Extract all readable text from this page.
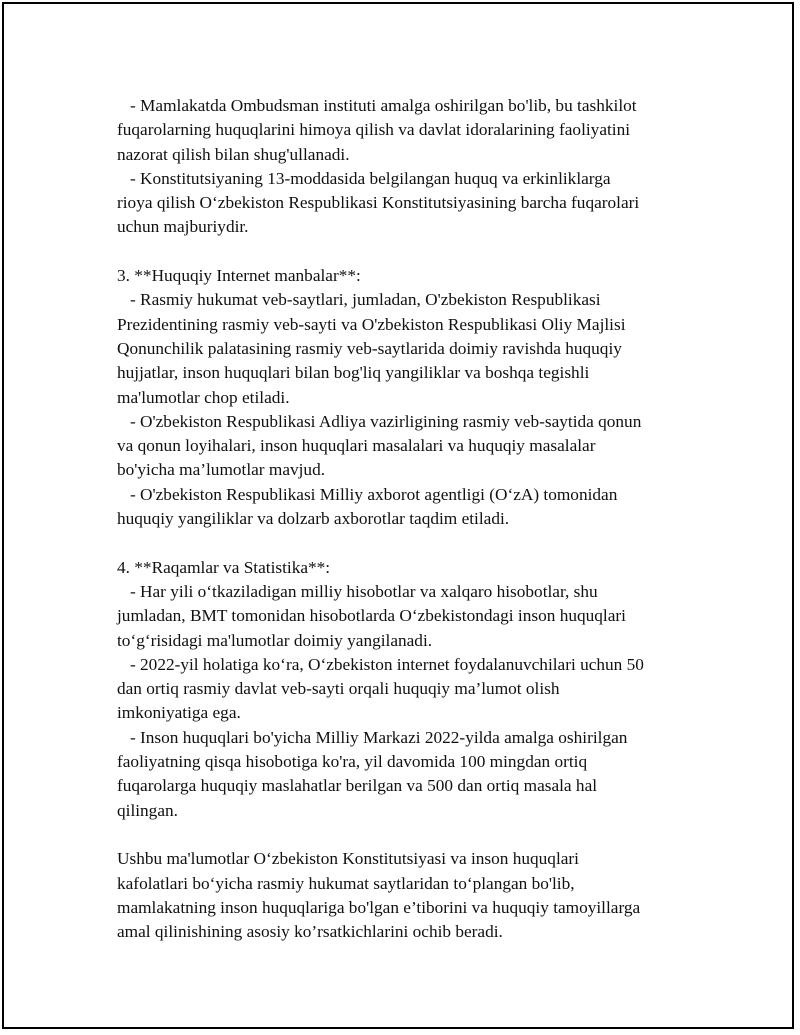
- Mamlakatda Ombudsman instituti amalga oshirilgan bo'lib, bu tashkilot
fuqarolarning huquqlarini himoya qilish va davlat idoralarining faoliyatini
nazorat qilish bilan shug'ullanadi.
- Konstitutsiyaning 13-moddasida belgilangan huquq va erkinliklarga
rioya qilish O‘zbekiston Respublikasi Konstitutsiyasining barcha fuqarolari
uchun majburiydir.
3. **Huquqiy Internet manbalar**:
- Rasmiy hukumat veb-saytlari, jumladan, O'zbekiston Respublikasi
Prezidentining rasmiy veb-sayti va O'zbekiston Respublikasi Oliy Majlisi
Qonunchilik palatasining rasmiy veb-saytlarida doimiy ravishda huquqiy
hujjatlar, inson huquqlari bilan bog'liq yangiliklar va boshqa tegishli
ma'lumotlar chop etiladi.
- O'zbekiston Respublikasi Adliya vazirligining rasmiy veb-saytida qonun
va qonun loyihalari, inson huquqlari masalalari va huquqiy masalalar
bo'yicha ma’lumotlar mavjud.
- O'zbekiston Respublikasi Milliy axborot agentligi (O‘zA) tomonidan
huquqiy yangiliklar va dolzarb axborotlar taqdim etiladi.
4. **Raqamlar va Statistika**:
- Har yili o‘tkaziladigan milliy hisobotlar va xalqaro hisobotlar, shu
jumladan, BMT tomonidan hisobotlarda O‘zbekistondagi inson huquqlari
to‘g‘risidagi ma'lumotlar doimiy yangilanadi.
- 2022-yil holatiga ko‘ra, O‘zbekiston internet foydalanuvchilari uchun 50
dan ortiq rasmiy davlat veb-sayti orqali huquqiy ma’lumot olish
imkoniyatiga ega.
- Inson huquqlari bo'yicha Milliy Markazi 2022-yilda amalga oshirilgan
faoliyatning qisqa hisobotiga ko'ra, yil davomida 100 mingdan ortiq
fuqarolarga huquqiy maslahatlar berilgan va 500 dan ortiq masala hal
qilingan.
Ushbu ma'lumotlar O‘zbekiston Konstitutsiyasi va inson huquqlari
kafolatlari bo‘yicha rasmiy hukumat saytlaridan to‘plangan bo'lib,
mamlakatning inson huquqlariga bo'lgan e’tiborini va huquqiy tamoyillarga
amal qilinishining asosiy ko’rsatkichlarini ochib beradi.
